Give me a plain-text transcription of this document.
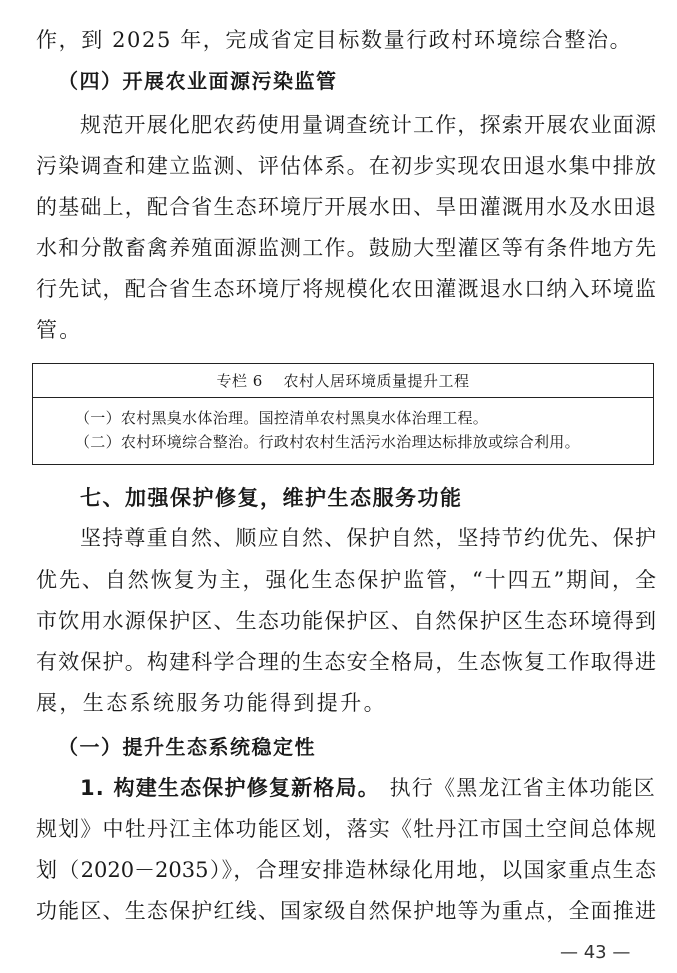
作，到 2025 年，完成省定目标数量行政村环境综合整治。
（四）开展农业面源污染监管
规范开展化肥农药使用量调查统计工作，探索开展农业面源
污染调查和建立监测、评估体系。在初步实现农田退水集中排放
的基础上，配合省生态环境厅开展水田、旱田灌溉用水及水田退
水和分散畜禽养殖面源监测工作。鼓励大型灌区等有条件地方先
行先试，配合省生态环境厅将规模化农田灌溉退水口纳入环境监
管。
专栏 6　 农村人居环境质量提升工程
（一）农村黑臭水体治理。国控清单农村黑臭水体治理工程。
（二）农村环境综合整治。行政村农村生活污水治理达标排放或综合利用。
七、加强保护修复，维护生态服务功能
坚持尊重自然、顺应自然、保护自然，坚持节约优先、保护
优先、自然恢复为主，强化生态保护监管，“十四五”期间，全
市饮用水源保护区、生态功能保护区、自然保护区生态环境得到
有效保护。构建科学合理的生态安全格局，生态恢复工作取得进
展，生态系统服务功能得到提升。
（一）提升生态系统稳定性
1. 构建生态保护修复新格局。 执行《黑龙江省主体功能区
规划》中牡丹江主体功能区划，落实《牡丹江市国土空间总体规
划（2020－2035）》，合理安排造林绿化用地，以国家重点生态
功能区、生态保护红线、国家级自然保护地等为重点，全面推进
— 43 —
